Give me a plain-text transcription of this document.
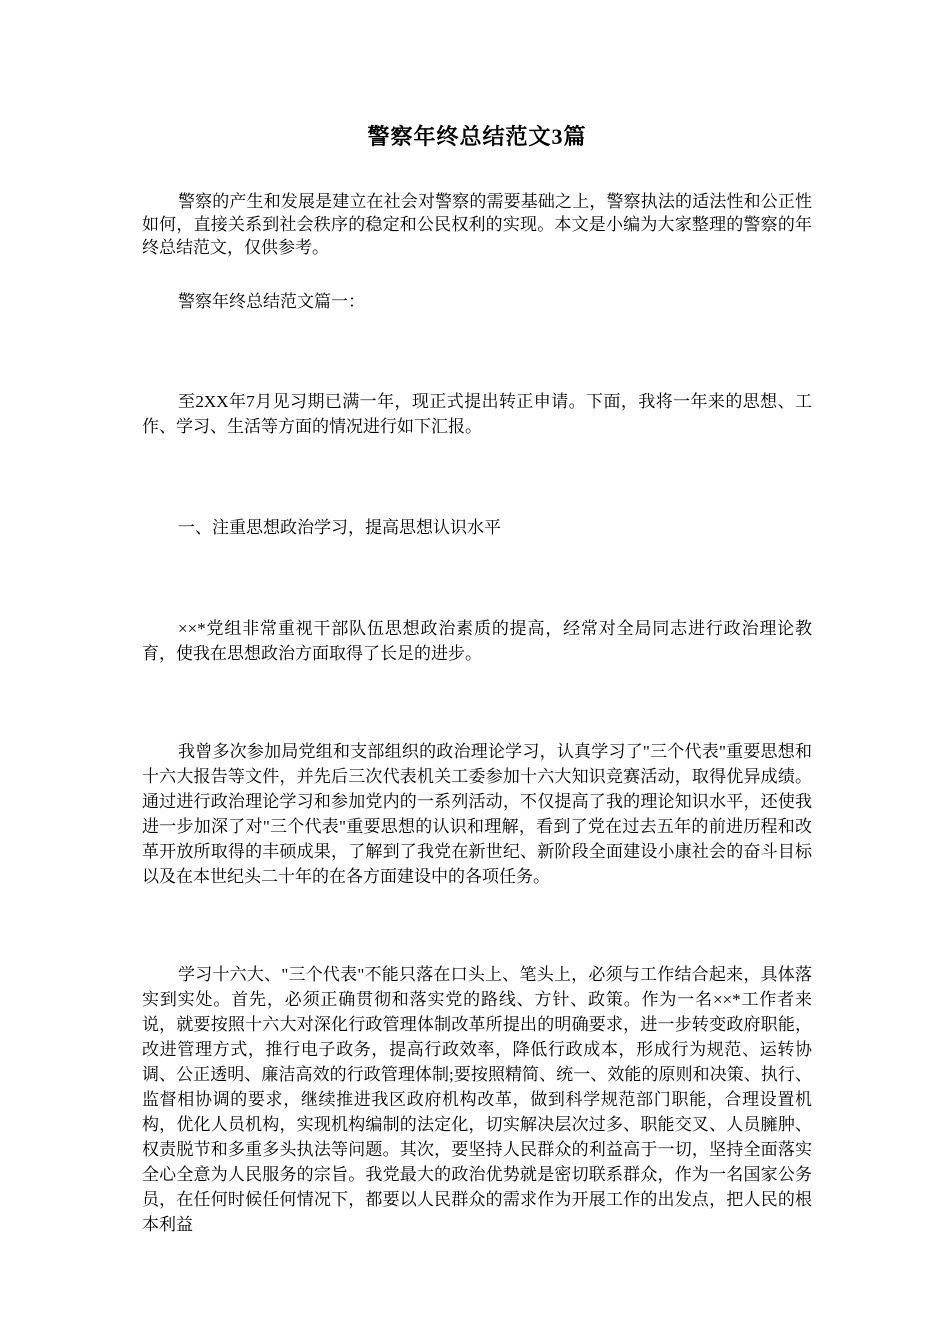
警察年终总结范文3篇

警察的产生和发展是建立在社会对警察的需要基础之上，警察执法的适法性和公正性如何，直接关系到社会秩序的稳定和公民权利的实现。本文是小编为大家整理的警察的年终总结范文，仅供参考。

警察年终总结范文篇一：

至2XX年7月见习期已满一年，现正式提出转正申请。下面，我将一年来的思想、工作、学习、生活等方面的情况进行如下汇报。

一、注重思想政治学习，提高思想认识水平

××*党组非常重视干部队伍思想政治素质的提高，经常对全局同志进行政治理论教育，使我在思想政治方面取得了长足的进步。

我曾多次参加局党组和支部组织的政治理论学习，认真学习了"三个代表"重要思想和十六大报告等文件，并先后三次代表机关工委参加十六大知识竞赛活动，取得优异成绩。通过进行政治理论学习和参加党内的一系列活动，不仅提高了我的理论知识水平，还使我进一步加深了对"三个代表"重要思想的认识和理解，看到了党在过去五年的前进历程和改革开放所取得的丰硕成果，了解到了我党在新世纪、新阶段全面建设小康社会的奋斗目标以及在本世纪头二十年的在各方面建设中的各项任务。

学习十六大、"三个代表"不能只落在口头上、笔头上，必须与工作结合起来，具体落实到实处。首先，必须正确贯彻和落实党的路线、方针、政策。作为一名××*工作者来说，就要按照十六大对深化行政管理体制改革所提出的明确要求，进一步转变政府职能，改进管理方式，推行电子政务，提高行政效率，降低行政成本，形成行为规范、运转协调、公正透明、廉洁高效的行政管理体制;要按照精简、统一、效能的原则和决策、执行、监督相协调的要求，继续推进我区政府机构改革，做到科学规范部门职能，合理设置机构，优化人员机构，实现机构编制的法定化，切实解决层次过多、职能交叉、人员臃肿、权责脱节和多重多头执法等问题。其次，要坚持人民群众的利益高于一切，坚持全面落实全心全意为人民服务的宗旨。我党最大的政治优势就是密切联系群众，作为一名国家公务员，在任何时候任何情况下，都要以人民群众的需求作为开展工作的出发点，把人民的根本利益
